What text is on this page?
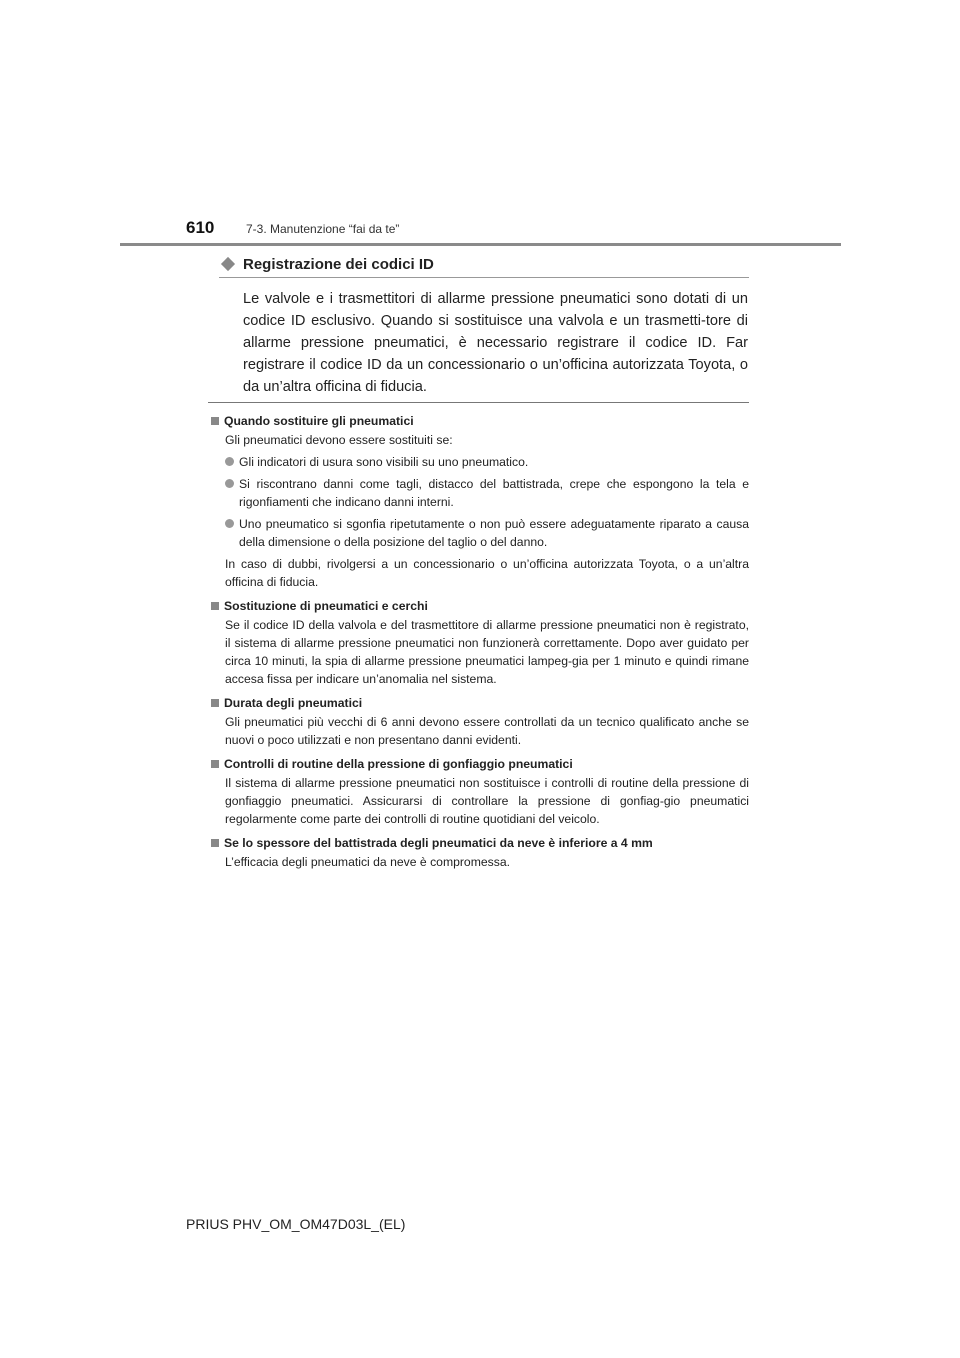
610	7-3. Manutenzione “fai da te”
Registrazione dei codici ID
Le valvole e i trasmettitori di allarme pressione pneumatici sono dotati di un codice ID esclusivo. Quando si sostituisce una valvola e un trasmetti-tore di allarme pressione pneumatici, è necessario registrare il codice ID. Far registrare il codice ID da un concessionario o un’officina autorizzata Toyota, o da un’altra officina di fiducia.
Quando sostituire gli pneumatici
Gli pneumatici devono essere sostituiti se:
Gli indicatori di usura sono visibili su uno pneumatico.
Si riscontrano danni come tagli, distacco del battistrada, crepe che espongono la tela e rigonfiamenti che indicano danni interni.
Uno pneumatico si sgonfia ripetutamente o non può essere adeguatamente riparato a causa della dimensione o della posizione del taglio o del danno.
In caso di dubbi, rivolgersi a un concessionario o un’officina autorizzata Toyota, o a un’altra officina di fiducia.
Sostituzione di pneumatici e cerchi
Se il codice ID della valvola e del trasmettitore di allarme pressione pneumatici non è registrato, il sistema di allarme pressione pneumatici non funzionerà correttamente. Dopo aver guidato per circa 10 minuti, la spia di allarme pressione pneumatici lampeg-gia per 1 minuto e quindi rimane accesa fissa per indicare un’anomalia nel sistema.
Durata degli pneumatici
Gli pneumatici più vecchi di 6 anni devono essere controllati da un tecnico qualificato anche se nuovi o poco utilizzati e non presentano danni evidenti.
Controlli di routine della pressione di gonfiaggio pneumatici
Il sistema di allarme pressione pneumatici non sostituisce i controlli di routine della pressione di gonfiaggio pneumatici. Assicurarsi di controllare la pressione di gonfiag-gio pneumatici regolarmente come parte dei controlli di routine quotidiani del veicolo.
Se lo spessore del battistrada degli pneumatici da neve è inferiore a 4 mm
L’efficacia degli pneumatici da neve è compromessa.
PRIUS PHV_OM_OM47D03L_(EL)
